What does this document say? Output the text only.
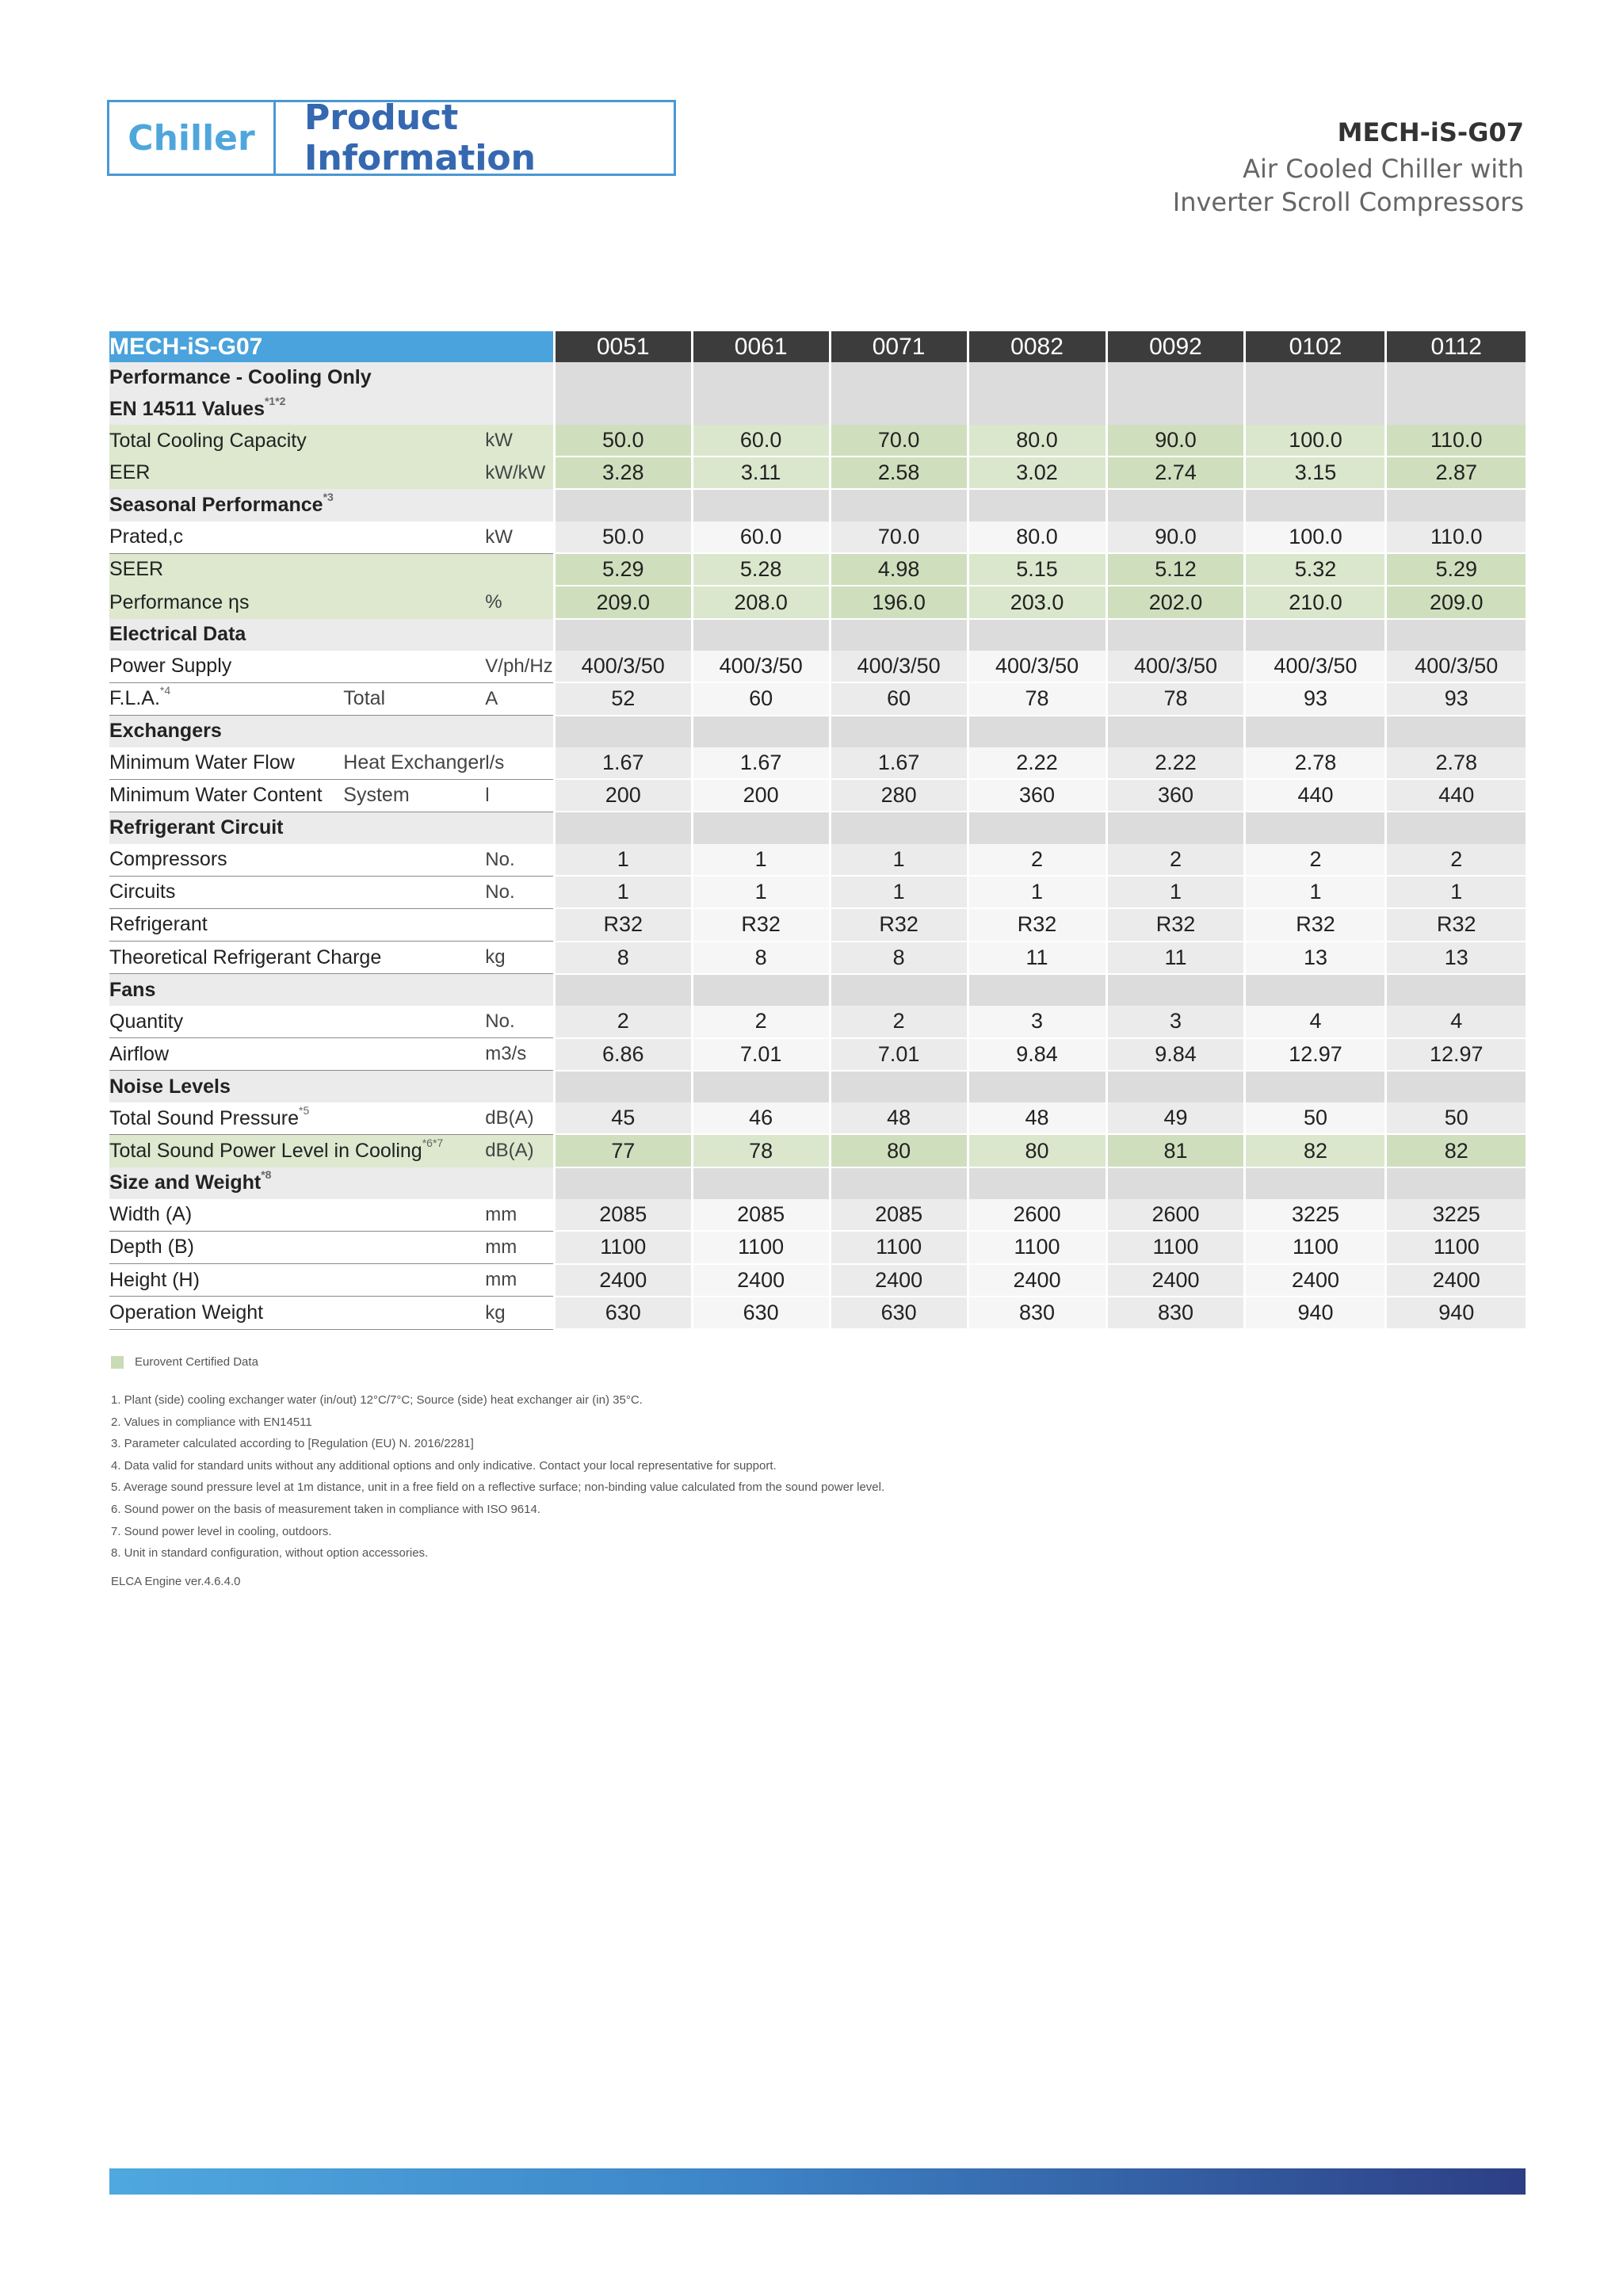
Chiller	Product Information
MECH-iS-G07
Air Cooled Chiller with
Inverter Scroll Compressors
MECH-iS-G07			0051	0061	0071	0082	0092	0102	0112
Performance - Cooling Only									
EN 14511 Values$^{*1*2}$								
Total Cooling Capacity		kW	50.0	60.0	70.0	80.0	90.0	100.0	110.0
EER		kW/kW	3.28	3.11	2.58	3.02	2.74	3.15	2.87
Seasonal Performance$^{*3}$								
Prated,c		kW	50.0	60.0	70.0	80.0	90.0	100.0	110.0
SEER			5.29	5.28	4.98	5.15	5.12	5.32	5.29
Performance ηs		%	209.0	208.0	196.0	203.0	202.0	210.0	209.0
Electrical Data									
Power Supply		V/ph/Hz	400/3/50	400/3/50	400/3/50	400/3/50	400/3/50	400/3/50	400/3/50
F.L.A.$^{*4}$	Total	A	52	60	60	78	78	93	93
Exchangers									
Minimum Water Flow	Heat Exchanger	l/s	1.67	1.67	1.67	2.22	2.22	2.78	2.78
Minimum Water Content	System	l	200	200	280	360	360	440	440
Refrigerant Circuit									
Compressors		No.	1	1	1	2	2	2	2
Circuits		No.	1	1	1	1	1	1	1
Refrigerant			R32	R32	R32	R32	R32	R32	R32
Theoretical Refrigerant Charge		kg	8	8	8	11	11	13	13
Fans									
Quantity		No.	2	2	2	3	3	4	4
Airflow		m3/s	6.86	7.01	7.01	9.84	9.84	12.97	12.97
Noise Levels									
Total Sound Pressure$^{*5}$		dB(A)	45	46	48	48	49	50	50
Total Sound Power Level in Cooling$^{*6*7}$		dB(A)	77	78	80	80	81	82	82
Size and Weight$^{*8}$								
Width (A)		mm	2085	2085	2085	2600	2600	3225	3225
Depth (B)		mm	1100	1100	1100	1100	1100	1100	1100
Height (H)		mm	2400	2400	2400	2400	2400	2400	2400
Operation Weight		kg	630	630	630	830	830	940	940
Eurovent Certified Data

1. Plant (side) cooling exchanger water (in/out) 12°C/7°C; Source (side) heat exchanger air (in) 35°C.

2. Values in compliance with EN14511

3. Parameter calculated according to [Regulation (EU) N. 2016/2281]

4. Data valid for standard units without any additional options and only indicative. Contact your local representative for support.

5. Average sound pressure level at 1m distance, unit in a free field on a reflective surface; non-binding value calculated from the sound power level.

6. Sound power on the basis of measurement taken in compliance with ISO 9614.

7. Sound power level in cooling, outdoors.

8. Unit in standard configuration, without option accessories.

ELCA Engine ver.4.6.4.0
